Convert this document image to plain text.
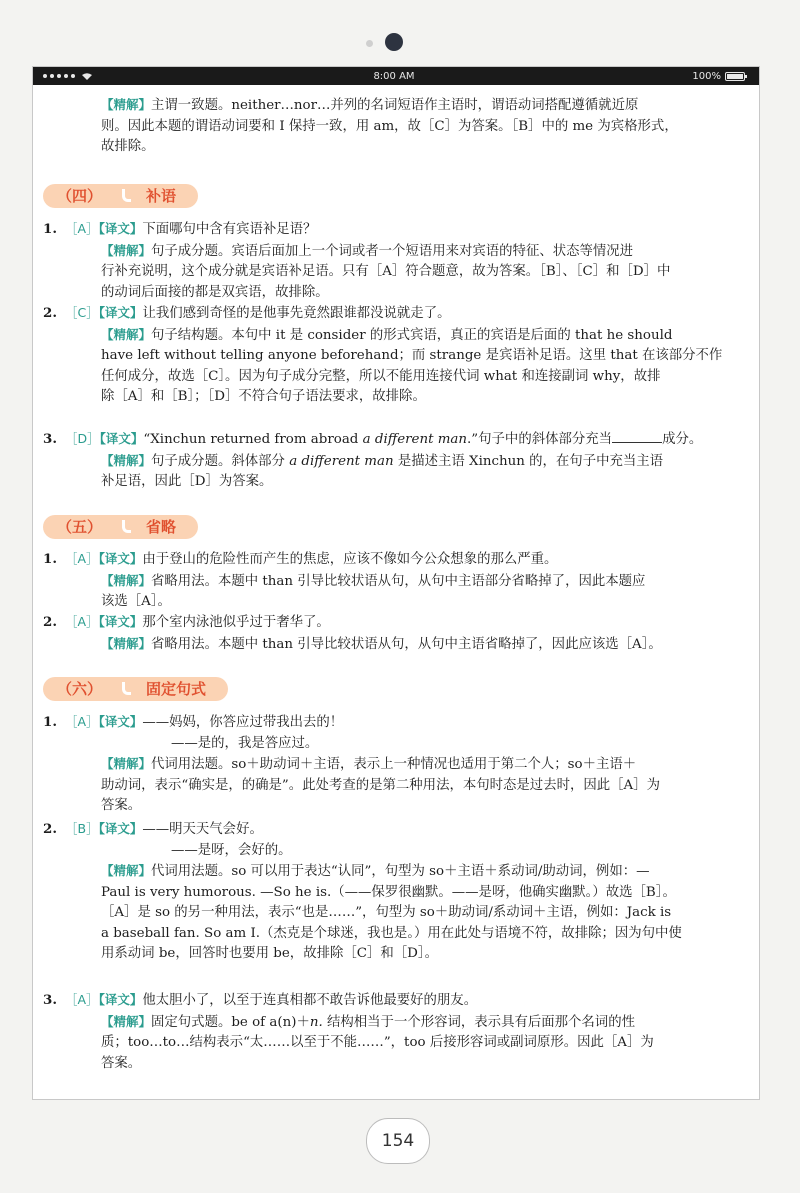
8:00 AM	100%
【精解】主谓一致题。neither…nor…并列的名词短语作主语时，谓语动词搭配遵循就近原
则。因此本题的谓语动词要和 I 保持一致，用 am，故［C］为答案。［B］中的 me 为宾格形式，
故排除。
（四）	补语
1. ［A］【译文】下面哪句中含有宾语补足语？
【精解】句子成分题。宾语后面加上一个词或者一个短语用来对宾语的特征、状态等情况进
行补充说明，这个成分就是宾语补足语。只有［A］符合题意，故为答案。［B］、［C］和［D］中
的动词后面接的都是双宾语，故排除。
2. ［C］【译文】让我们感到奇怪的是他事先竟然跟谁都没说就走了。
【精解】句子结构题。本句中 it 是 consider 的形式宾语，真正的宾语是后面的 that he should
have left without telling anyone beforehand；而 strange 是宾语补足语。这里 that 在该部分不作
任何成分，故选［C］。因为句子成分完整，所以不能用连接代词 what 和连接副词 why，故排
除［A］和［B］；［D］不符合句子语法要求，故排除。
3. ［D］【译文】“Xinchun returned from abroad a different man.”句子中的斜体部分充当	成分。
【精解】句子成分题。斜体部分 a different man 是描述主语 Xinchun 的，在句子中充当主语
补足语，因此［D］为答案。
（五）	省略
1. ［A］【译文】由于登山的危险性而产生的焦虑，应该不像如今公众想象的那么严重。
【精解】省略用法。本题中 than 引导比较状语从句，从句中主语部分省略掉了，因此本题应
该选［A］。
2. ［A］【译文】那个室内泳池似乎过于奢华了。
【精解】省略用法。本题中 than 引导比较状语从句，从句中主语省略掉了，因此应该选［A］。
（六）	固定句式
1. ［A］【译文】——妈妈，你答应过带我出去的！
——是的，我是答应过。
【精解】代词用法题。so＋助动词＋主语，表示上一种情况也适用于第二个人；so＋主语＋
助动词，表示“确实是，的确是”。此处考查的是第二种用法，本句时态是过去时，因此［A］为
答案。
2. ［B］【译文】——明天天气会好。
——是呀，会好的。
【精解】代词用法题。so 可以用于表达“认同”，句型为 so＋主语＋系动词/助动词，例如：—
Paul is very humorous. —So he is.（——保罗很幽默。——是呀，他确实幽默。）故选［B］。
［A］是 so 的另一种用法，表示“也是……”，句型为 so＋助动词/系动词＋主语，例如：Jack is
a baseball fan. So am I.（杰克是个球迷，我也是。）用在此处与语境不符，故排除；因为句中使
用系动词 be，回答时也要用 be，故排除［C］和［D］。
3. ［A］【译文】他太胆小了，以至于连真相都不敢告诉他最要好的朋友。
【精解】固定句式题。be of a(n)＋n. 结构相当于一个形容词，表示具有后面那个名词的性
质；too…to…结构表示“太……以至于不能……”，too 后接形容词或副词原形。因此［A］为
答案。
154
